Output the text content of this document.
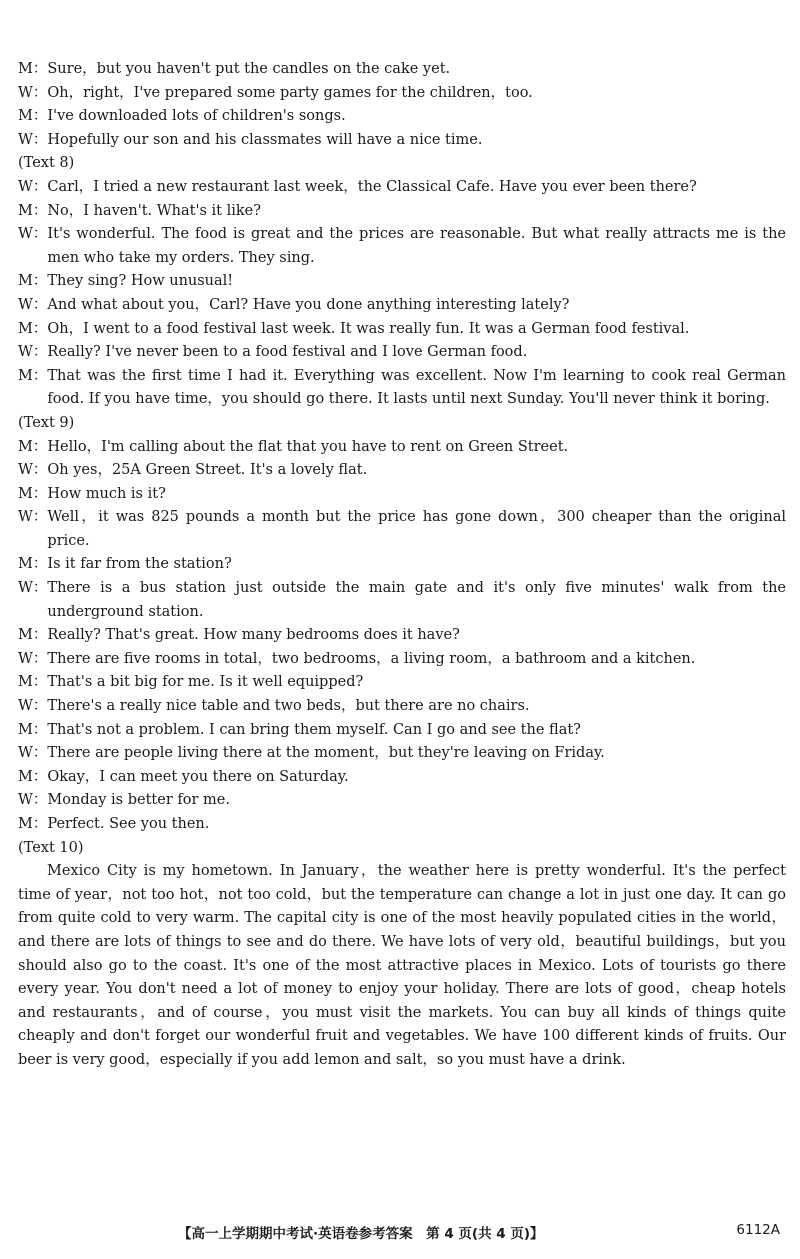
M： Sure，but you haven't put the candles on the cake yet.
W： Oh，right，I've prepared some party games for the children，too.
M： I've downloaded lots of children's songs.
W： Hopefully our son and his classmates will have a nice time.
(Text 8)
W： Carl，I tried a new restaurant last week，the Classical Cafe. Have you ever been there?
M： No，I haven't. What's it like?
W： It's wonderful. The food is great and the prices are reasonable. But what really attracts me is the men who take my orders. They sing.
M： They sing? How unusual!
W： And what about you，Carl? Have you done anything interesting lately?
M： Oh，I went to a food festival last week. It was really fun. It was a German food festival.
W： Really? I've never been to a food festival and I love German food.
M： That was the first time I had it. Everything was excellent. Now I'm learning to cook real German food. If you have time，you should go there. It lasts until next Sunday. You'll never think it boring.
(Text 9)
M： Hello，I'm calling about the flat that you have to rent on Green Street.
W： Oh yes，25A Green Street. It's a lovely flat.
M： How much is it?
W： Well，it was 825 pounds a month but the price has gone down，300 cheaper than the original price.
M： Is it far from the station?
W： There is a bus station just outside the main gate and it's only five minutes' walk from the underground station.
M： Really? That's great. How many bedrooms does it have?
W： There are five rooms in total，two bedrooms，a living room，a bathroom and a kitchen.
M： That's a bit big for me. Is it well equipped?
W： There's a really nice table and two beds，but there are no chairs.
M： That's not a problem. I can bring them myself. Can I go and see the flat?
W： There are people living there at the moment，but they're leaving on Friday.
M： Okay，I can meet you there on Saturday.
W： Monday is better for me.
M： Perfect. See you then.
(Text 10)
Mexico City is my hometown. In January，the weather here is pretty wonderful. It's the perfect time of year，not too hot，not too cold，but the temperature can change a lot in just one day. It can go from quite cold to very warm. The capital city is one of the most heavily populated cities in the world，and there are lots of things to see and do there. We have lots of very old，beautiful buildings，but you should also go to the coast. It's one of the most attractive places in Mexico. Lots of tourists go there every year. You don't need a lot of money to enjoy your holiday. There are lots of good，cheap hotels and restaurants，and of course，you must visit the markets. You can buy all kinds of things quite cheaply and don't forget our wonderful fruit and vegetables. We have 100 different kinds of fruits. Our beer is very good，especially if you add lemon and salt，so you must have a drink.
【高一上学期期中考试·英语卷参考答案　第 4 页(共 4 页)】	6112A
